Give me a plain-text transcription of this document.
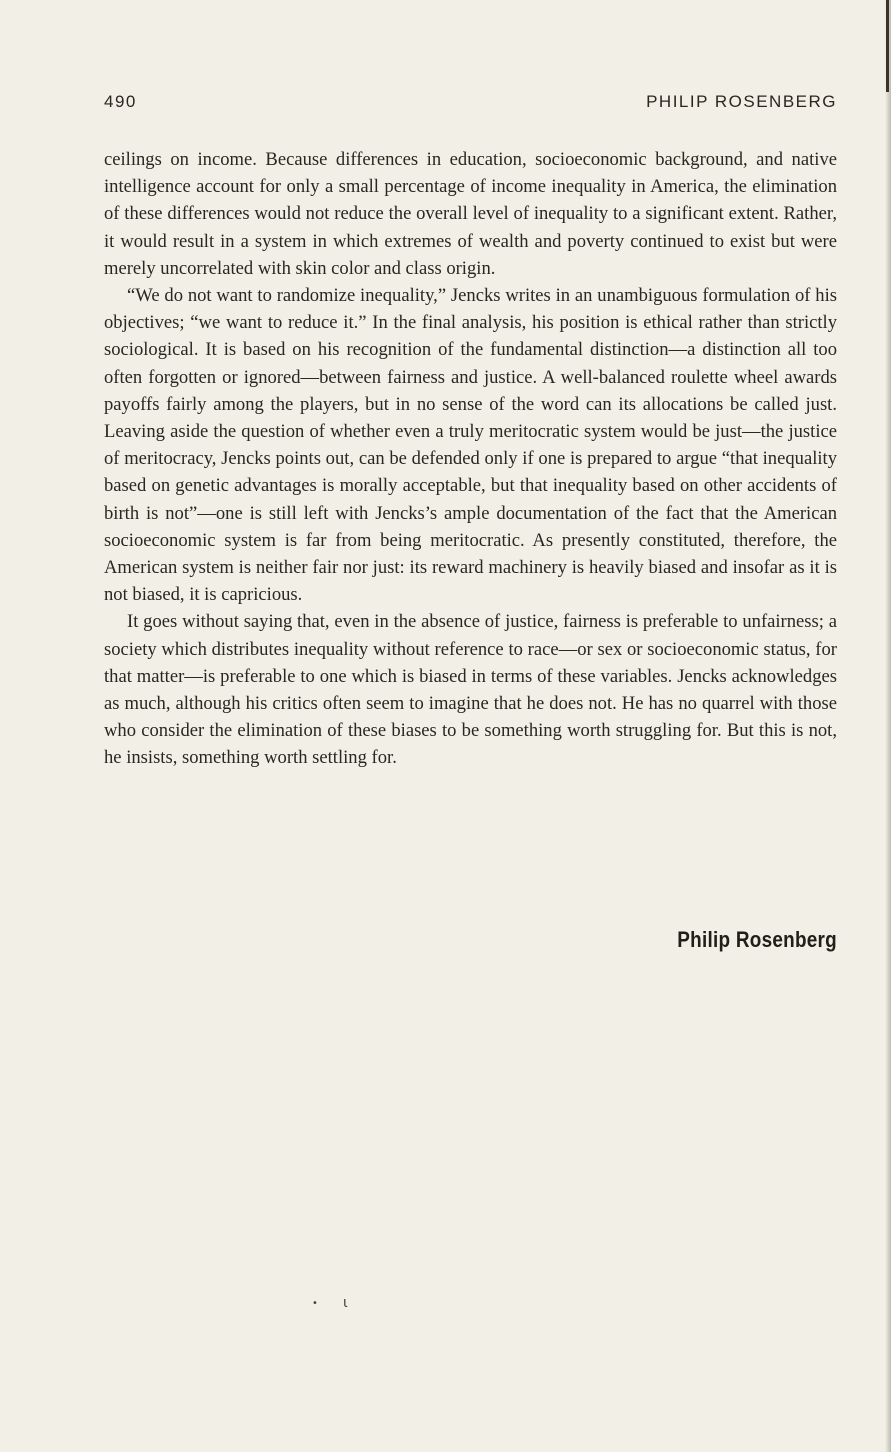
490	PHILIP ROSENBERG

ceilings on income. Because differences in education, socioeconomic background, and native intelligence account for only a small percentage of income inequality in America, the elimination of these differences would not reduce the overall level of inequality to a significant extent. Rather, it would result in a system in which extremes of wealth and poverty continued to exist but were merely uncorrelated with skin color and class origin.

“We do not want to randomize inequality,” Jencks writes in an unambiguous formulation of his objectives; “we want to reduce it.” In the final analysis, his position is ethical rather than strictly sociological. It is based on his recognition of the fundamental distinction—a distinction all too often forgotten or ignored—between fairness and justice. A well-balanced roulette wheel awards payoffs fairly among the players, but in no sense of the word can its allocations be called just. Leaving aside the question of whether even a truly meritocratic system would be just—the justice of meritocracy, Jencks points out, can be defended only if one is prepared to argue “that inequality based on genetic advantages is morally acceptable, but that inequality based on other accidents of birth is not”—one is still left with Jencks’s ample documentation of the fact that the American socioeconomic system is far from being meritocratic. As presently constituted, therefore, the American system is neither fair nor just: its reward machinery is heavily biased and insofar as it is not biased, it is capricious.

It goes without saying that, even in the absence of justice, fairness is preferable to unfairness; a society which distributes inequality without reference to race—or sex or socioeconomic status, for that matter—is preferable to one which is biased in terms of these variables. Jencks acknowledges as much, although his critics often seem to imagine that he does not. He has no quarrel with those who consider the elimination of these biases to be something worth struggling for. But this is not, he insists, something worth settling for.

Philip Rosenberg
• ι
